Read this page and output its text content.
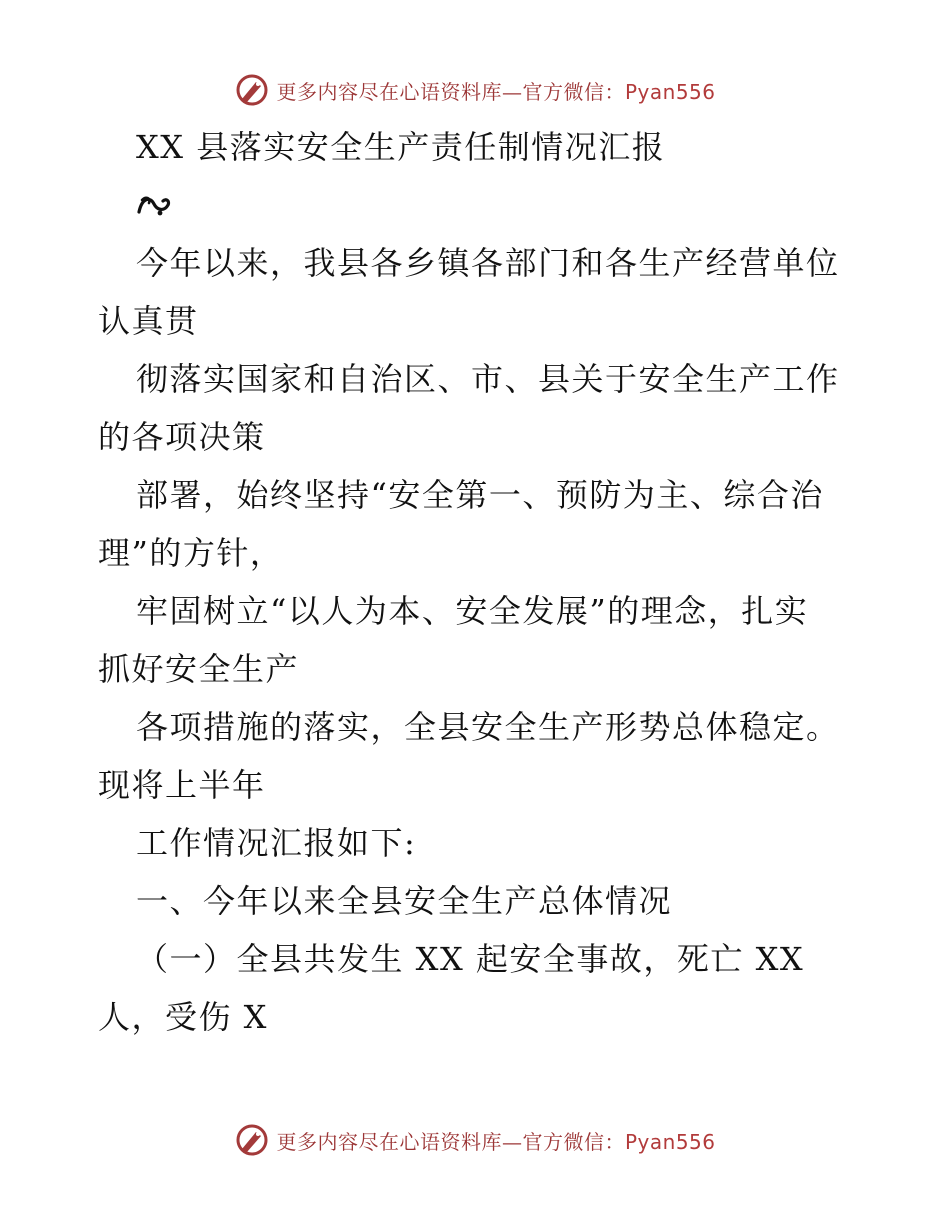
更多内容尽在心语资料库—官方微信：Pyan556
XX 县落实安全生产责任制情况汇报
今年以来，我县各乡镇各部门和各生产经营单位
认真贯
彻落实国家和自治区、市、县关于安全生产工作
的各项决策
部署，始终坚持“安全第一、预防为主、综合治
理”的方针，
牢固树立“以人为本、安全发展”的理念，扎实
抓好安全生产
各项措施的落实，全县安全生产形势总体稳定。
现将上半年
工作情况汇报如下:
一、今年以来全县安全生产总体情况
（一）全县共发生 XX 起安全事故，死亡 XX
人，受伤 X
更多内容尽在心语资料库—官方微信：Pyan556
